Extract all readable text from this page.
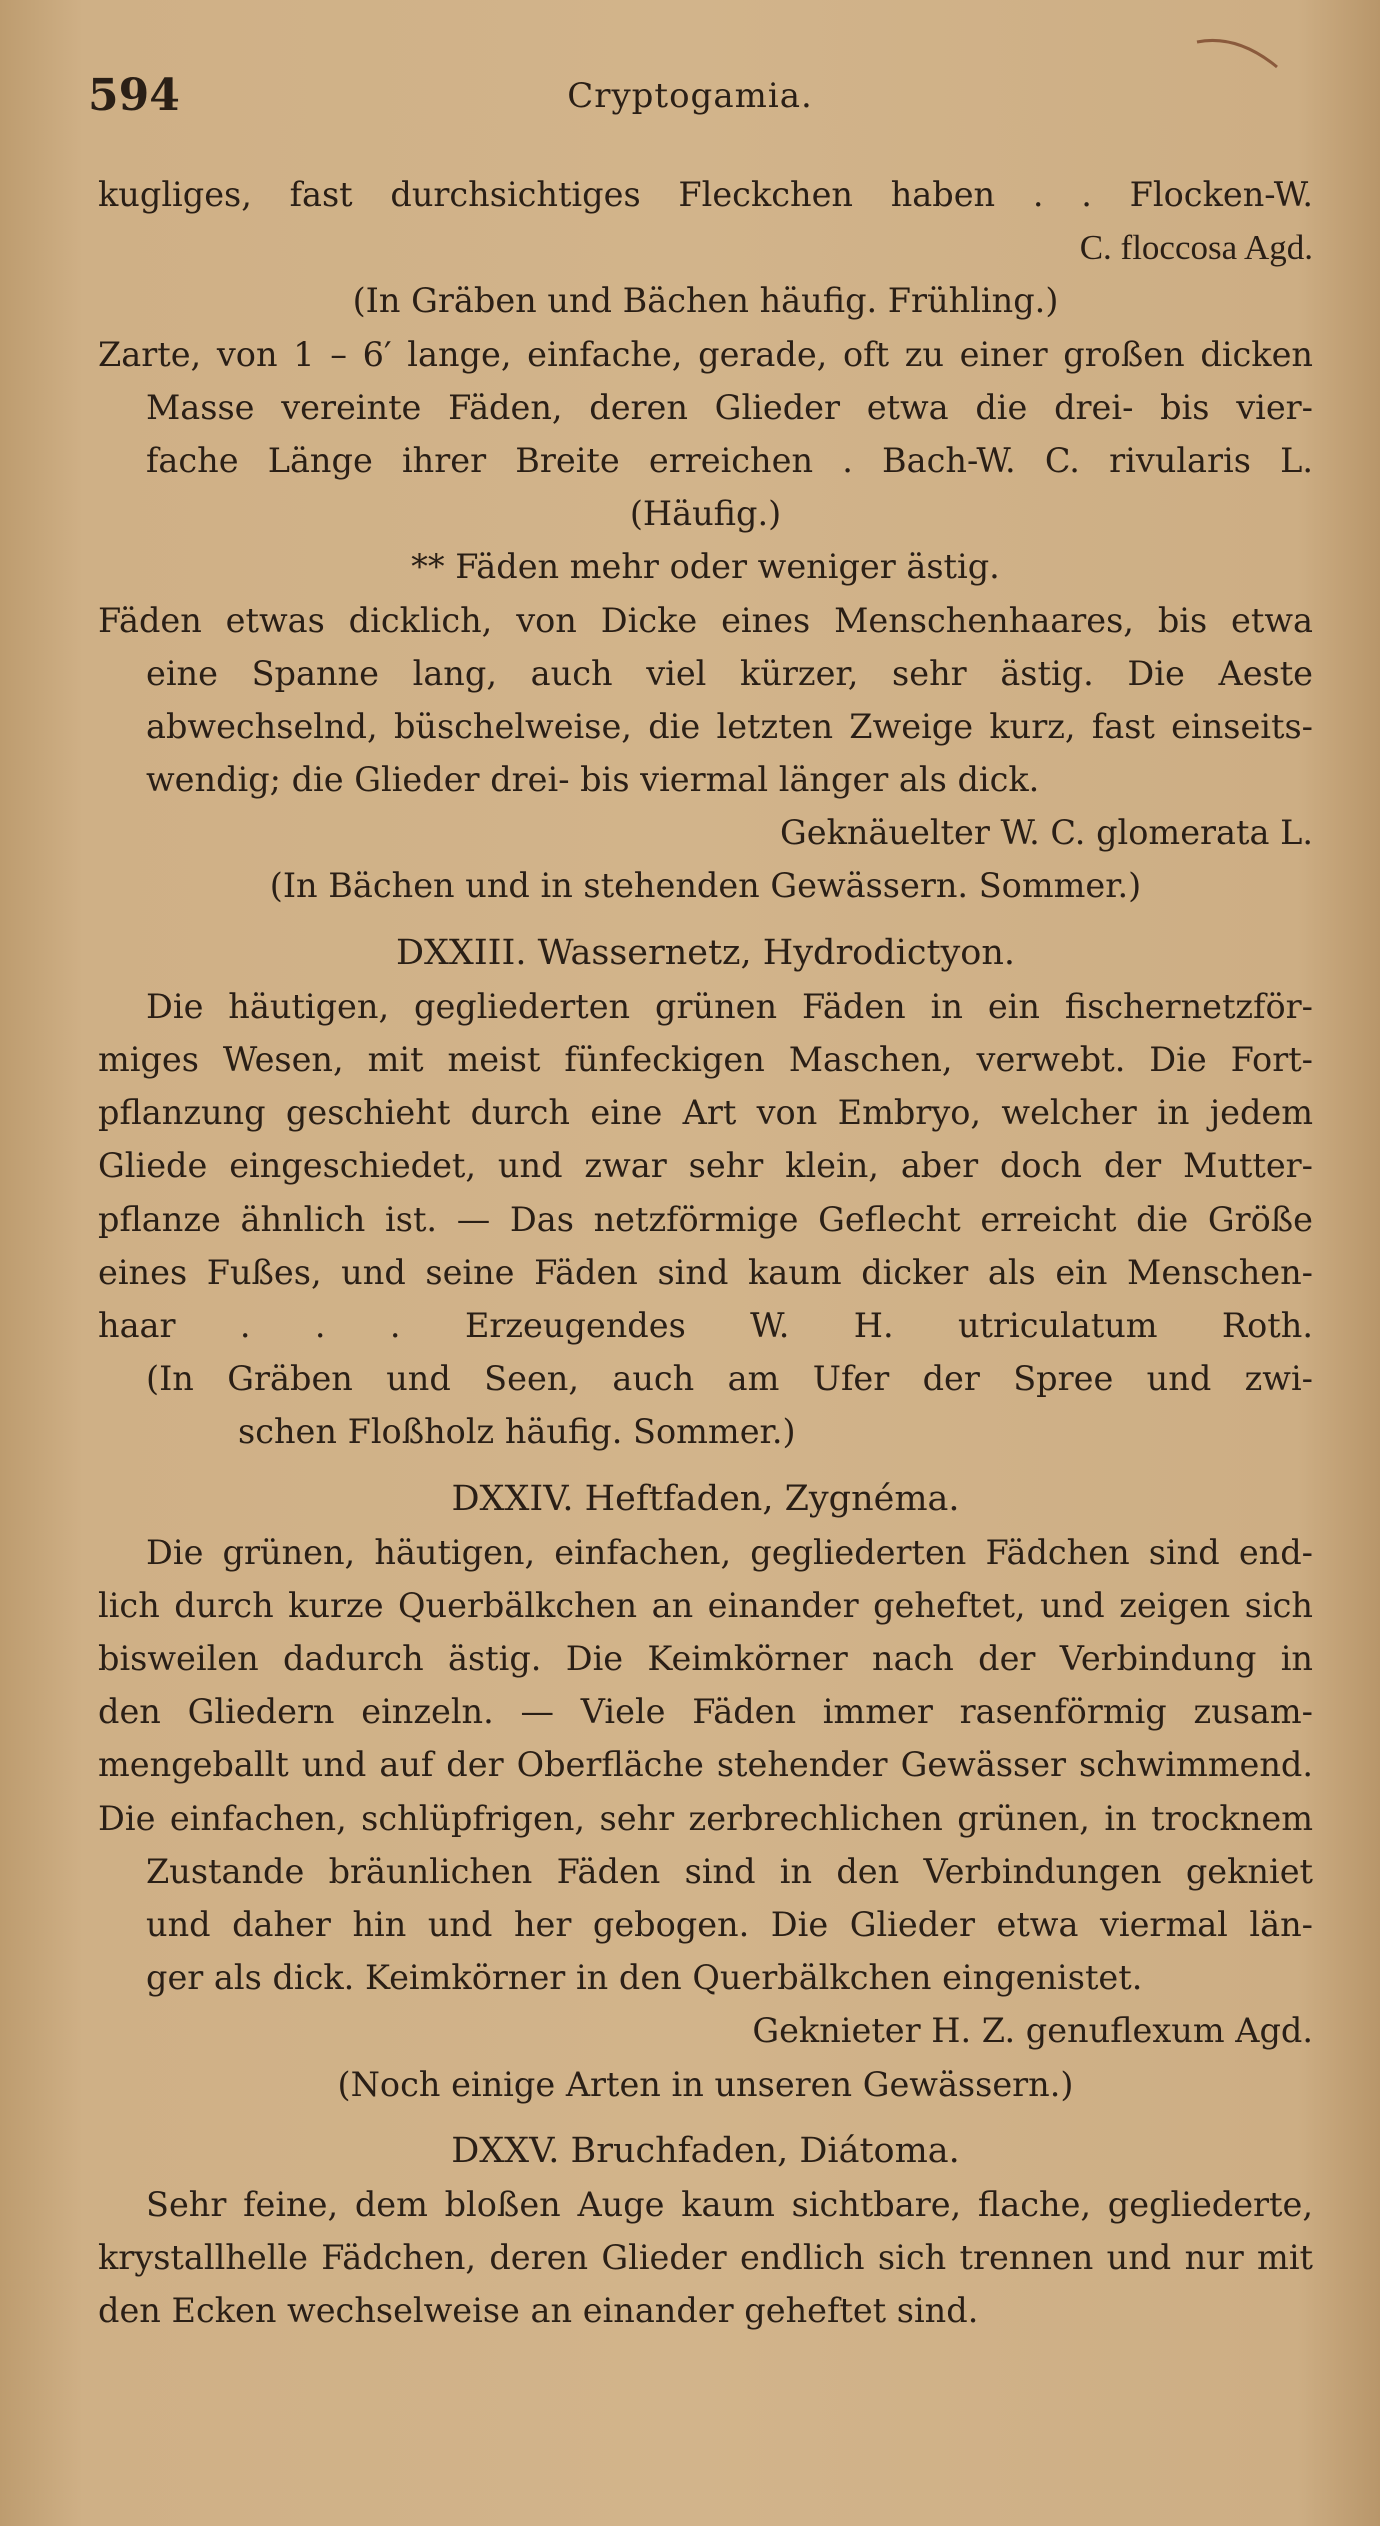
594	Cryptogamia.
kugliges, fast durchsichtiges Fleckchen haben . . Flocken-W.
C. floccosa Agd.
(In Gräben und Bächen häufig. Frühling.)
Zarte, von 1 – 6′ lange, einfache, gerade, oft zu einer großen dicken
Masse vereinte Fäden, deren Glieder etwa die drei- bis vier-
fache Länge ihrer Breite erreichen . Bach-W. C. rivularis L.
(Häufig.)
** Fäden mehr oder weniger ästig.
Fäden etwas dicklich, von Dicke eines Menschenhaares, bis etwa
eine Spanne lang, auch viel kürzer, sehr ästig. Die Aeste
abwechselnd, büschelweise, die letzten Zweige kurz, fast einseits-
wendig; die Glieder drei- bis viermal länger als dick.
Geknäuelter W. C. glomerata L.
(In Bächen und in stehenden Gewässern. Sommer.)
DXXIII. Wassernetz, Hydrodictyon.
Die häutigen, gegliederten grünen Fäden in ein fischernetzför-
miges Wesen, mit meist fünfeckigen Maschen, verwebt. Die Fort-
pflanzung geschieht durch eine Art von Embryo, welcher in jedem
Gliede eingeschiedet, und zwar sehr klein, aber doch der Mutter-
pflanze ähnlich ist. — Das netzförmige Geflecht erreicht die Größe
eines Fußes, und seine Fäden sind kaum dicker als ein Menschen-
haar . . . Erzeugendes W. H. utriculatum Roth.
(In Gräben und Seen, auch am Ufer der Spree und zwi-
schen Floßholz häufig. Sommer.)
DXXIV. Heftfaden, Zygnéma.
Die grünen, häutigen, einfachen, gegliederten Fädchen sind end-
lich durch kurze Querbälkchen an einander geheftet, und zeigen sich
bisweilen dadurch ästig. Die Keimkörner nach der Verbindung in
den Gliedern einzeln. — Viele Fäden immer rasenförmig zusam-
mengeballt und auf der Oberfläche stehender Gewässer schwimmend.
Die einfachen, schlüpfrigen, sehr zerbrechlichen grünen, in trocknem
Zustande bräunlichen Fäden sind in den Verbindungen gekniet
und daher hin und her gebogen. Die Glieder etwa viermal län-
ger als dick. Keimkörner in den Querbälkchen eingenistet.
Geknieter H. Z. genuflexum Agd.
(Noch einige Arten in unseren Gewässern.)
DXXV. Bruchfaden, Diátoma.
Sehr feine, dem bloßen Auge kaum sichtbare, flache, gegliederte,
krystallhelle Fädchen, deren Glieder endlich sich trennen und nur mit
den Ecken wechselweise an einander geheftet sind.
